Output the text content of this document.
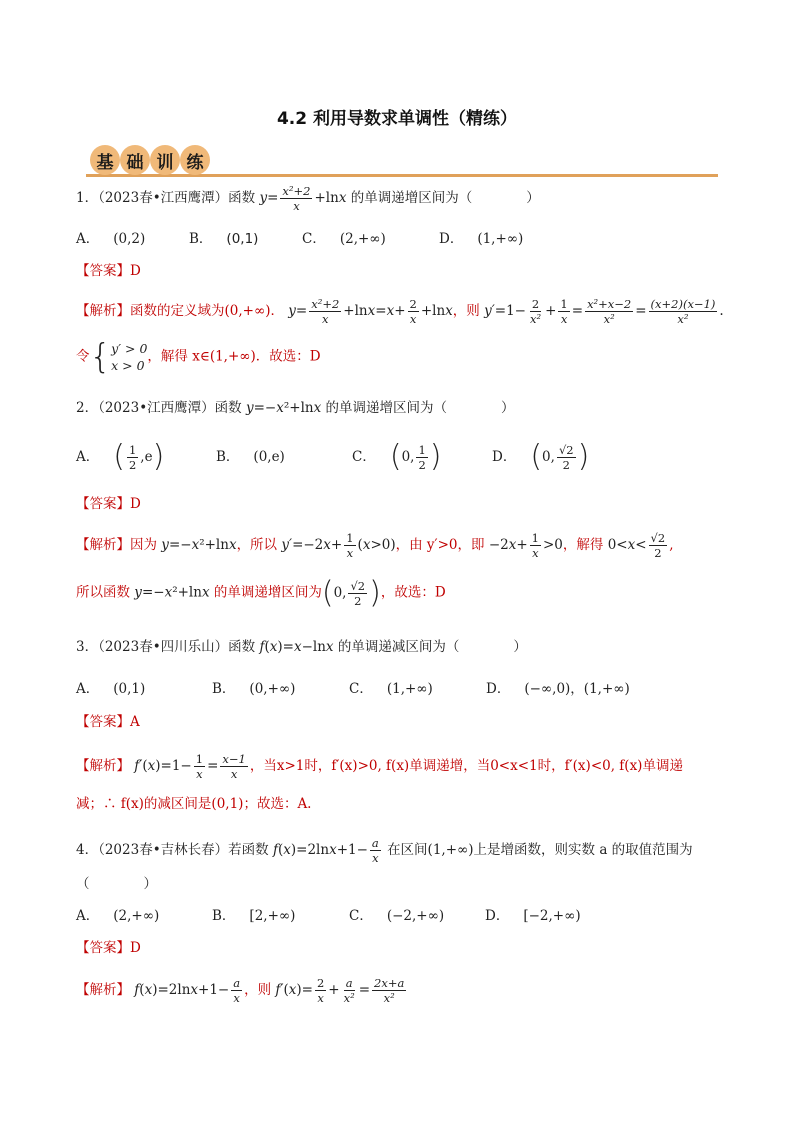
4.2 利用导数求单调性（精练）
基 础 训 练
1．（2023春•江西鹰潭）函数 $y= \frac{\text{x²+2}}{x} +\ln x$ 的单调递增区间为（　　　　）
A． (0,2)	B． (0,1)	C． (2,+∞)	D． (1,+∞)
【答案】D
【解析】函数的定义域为(0,+∞)． $y= \frac{\text{x²+2}}{x} +\ln x=x+ \frac{2}{x} +\ln x$，则 $y'=1- \frac{2}{\text{x²}} + \frac{1}{x} = \frac{\text{x²+x−2}}{\text{x²}} = \frac{(x+2)(x-1)}{\text{x²}}$ .
令{ y′ > 0
x > 0
，解得 x∈(1,+∞)．故选：D
2．（2023•江西鹰潭）函数 y=−x²+lnx 的单调递增区间为（　　　　）
A． ( $\frac{1}{2} ,e$ )	B． (0,e)	C． ( 0, $\frac{1}{2}$ )	D． ( 0, $\frac{√2}{2}$ )
【答案】D
【解析】因为 y=−x²+lnx，所以 $y'=-2x+ \frac{1}{x} (x>0)$，由 y′>0，即 $-2x+ \frac{1}{x} >0$，解得 $0<x< \frac{√2}{2}$ ,
所以函数 y=−x²+lnx 的单调递增区间为(0, $\frac{√2}{2}$ )，故选：D
3．（2023春•四川乐山）函数 f(x)=x−lnx 的单调递减区间为（　　　　）
A． (0,1)	B． (0,+∞)	C． (1,+∞)	D． (−∞,0)，(1,+∞)
【答案】A
【解析】 $f'(x)=1- \frac{1}{x} = \frac{x-1}{x}$ ，当x>1时，f′(x)>0, f(x)单调递增，当0<x<1时，f′(x)<0, f(x)单调递
减；∴ f(x)的减区间是(0,1)；故选：A.
4．（2023春•吉林长春）若函数 $f(x)=2\ln x+1- \frac{a}{x}$ 在区间(1,+∞)上是增函数，则实数 a 的取值范围为
（　　　　）
A． (2,+∞)	B． [2,+∞)	C． (−2,+∞)	D． [−2,+∞)
【答案】D
【解析】 $f(x)=2\ln x+1- \frac{a}{x}$ ，则 $f'(x)= \frac{2}{x} + \frac{a}{\text{x²}} = \frac{2x+a}{\text{x²}}$
